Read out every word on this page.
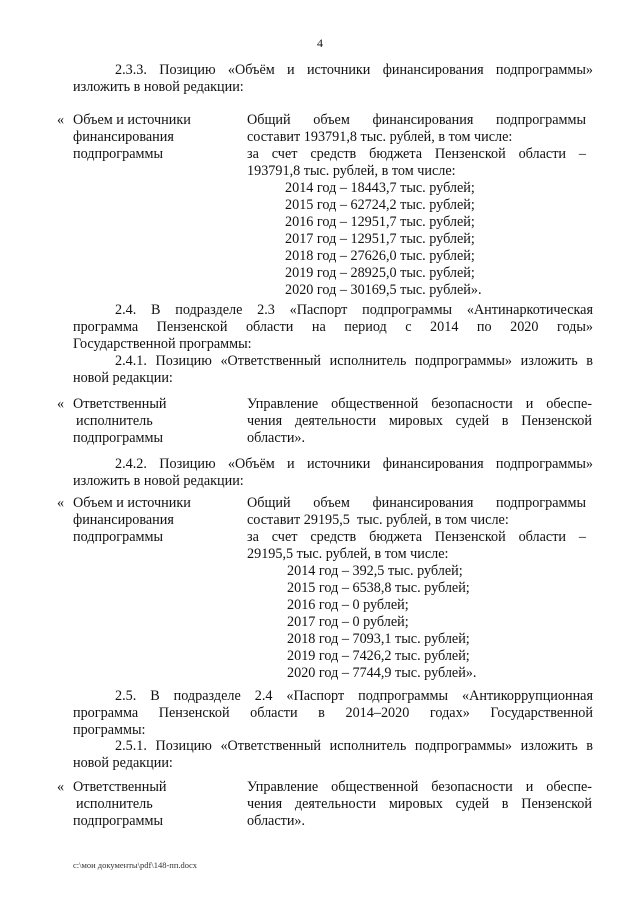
4
2.3.3. Позицию «Объём и источники финансирования подпрограммы»
изложить в новой редакции:
« Объем и источники
финансирования
подпрограммы
Общий объем финансирования подпрограммы
составит 193791,8 тыс. рублей, в том числе:
за счет средств бюджета Пензенской области –
193791,8 тыс. рублей, в том числе:
2014 год – 18443,7 тыс. рублей;
2015 год – 62724,2 тыс. рублей;
2016 год – 12951,7 тыс. рублей;
2017 год – 12951,7 тыс. рублей;
2018 год – 27626,0 тыс. рублей;
2019 год – 28925,0 тыс. рублей;
2020 год – 30169,5 тыс. рублей».
2.4. В подразделе 2.3 «Паспорт подпрограммы «Антинаркотическая
программа Пензенской области на период с 2014 по 2020 годы»
Государственной программы:
2.4.1. Позицию «Ответственный исполнитель подпрограммы» изложить в
новой редакции:
« Ответственный
исполнитель
подпрограммы
Управление общественной безопасности и обеспе-
чения деятельности мировых судей в Пензенской
области».
2.4.2. Позицию «Объём и источники финансирования подпрограммы»
изложить в новой редакции:
« Объем и источники
финансирования
подпрограммы
Общий объем финансирования подпрограммы
составит 29195,5  тыс. рублей, в том числе:
за счет средств бюджета Пензенской области –
29195,5 тыс. рублей, в том числе:
2014 год – 392,5 тыс. рублей;
2015 год – 6538,8 тыс. рублей;
2016 год – 0 рублей;
2017 год – 0 рублей;
2018 год – 7093,1 тыс. рублей;
2019 год – 7426,2 тыс. рублей;
2020 год – 7744,9 тыс. рублей».
2.5. В подразделе 2.4 «Паспорт подпрограммы «Антикоррупционная
программа Пензенской области в 2014–2020 годах» Государственной
программы:
2.5.1. Позицию «Ответственный исполнитель подпрограммы» изложить в
новой редакции:
« Ответственный
исполнитель
подпрограммы
Управление общественной безопасности и обеспе-
чения деятельности мировых судей в Пензенской
области».
c:\мои документы\pdf\148-пп.docx
